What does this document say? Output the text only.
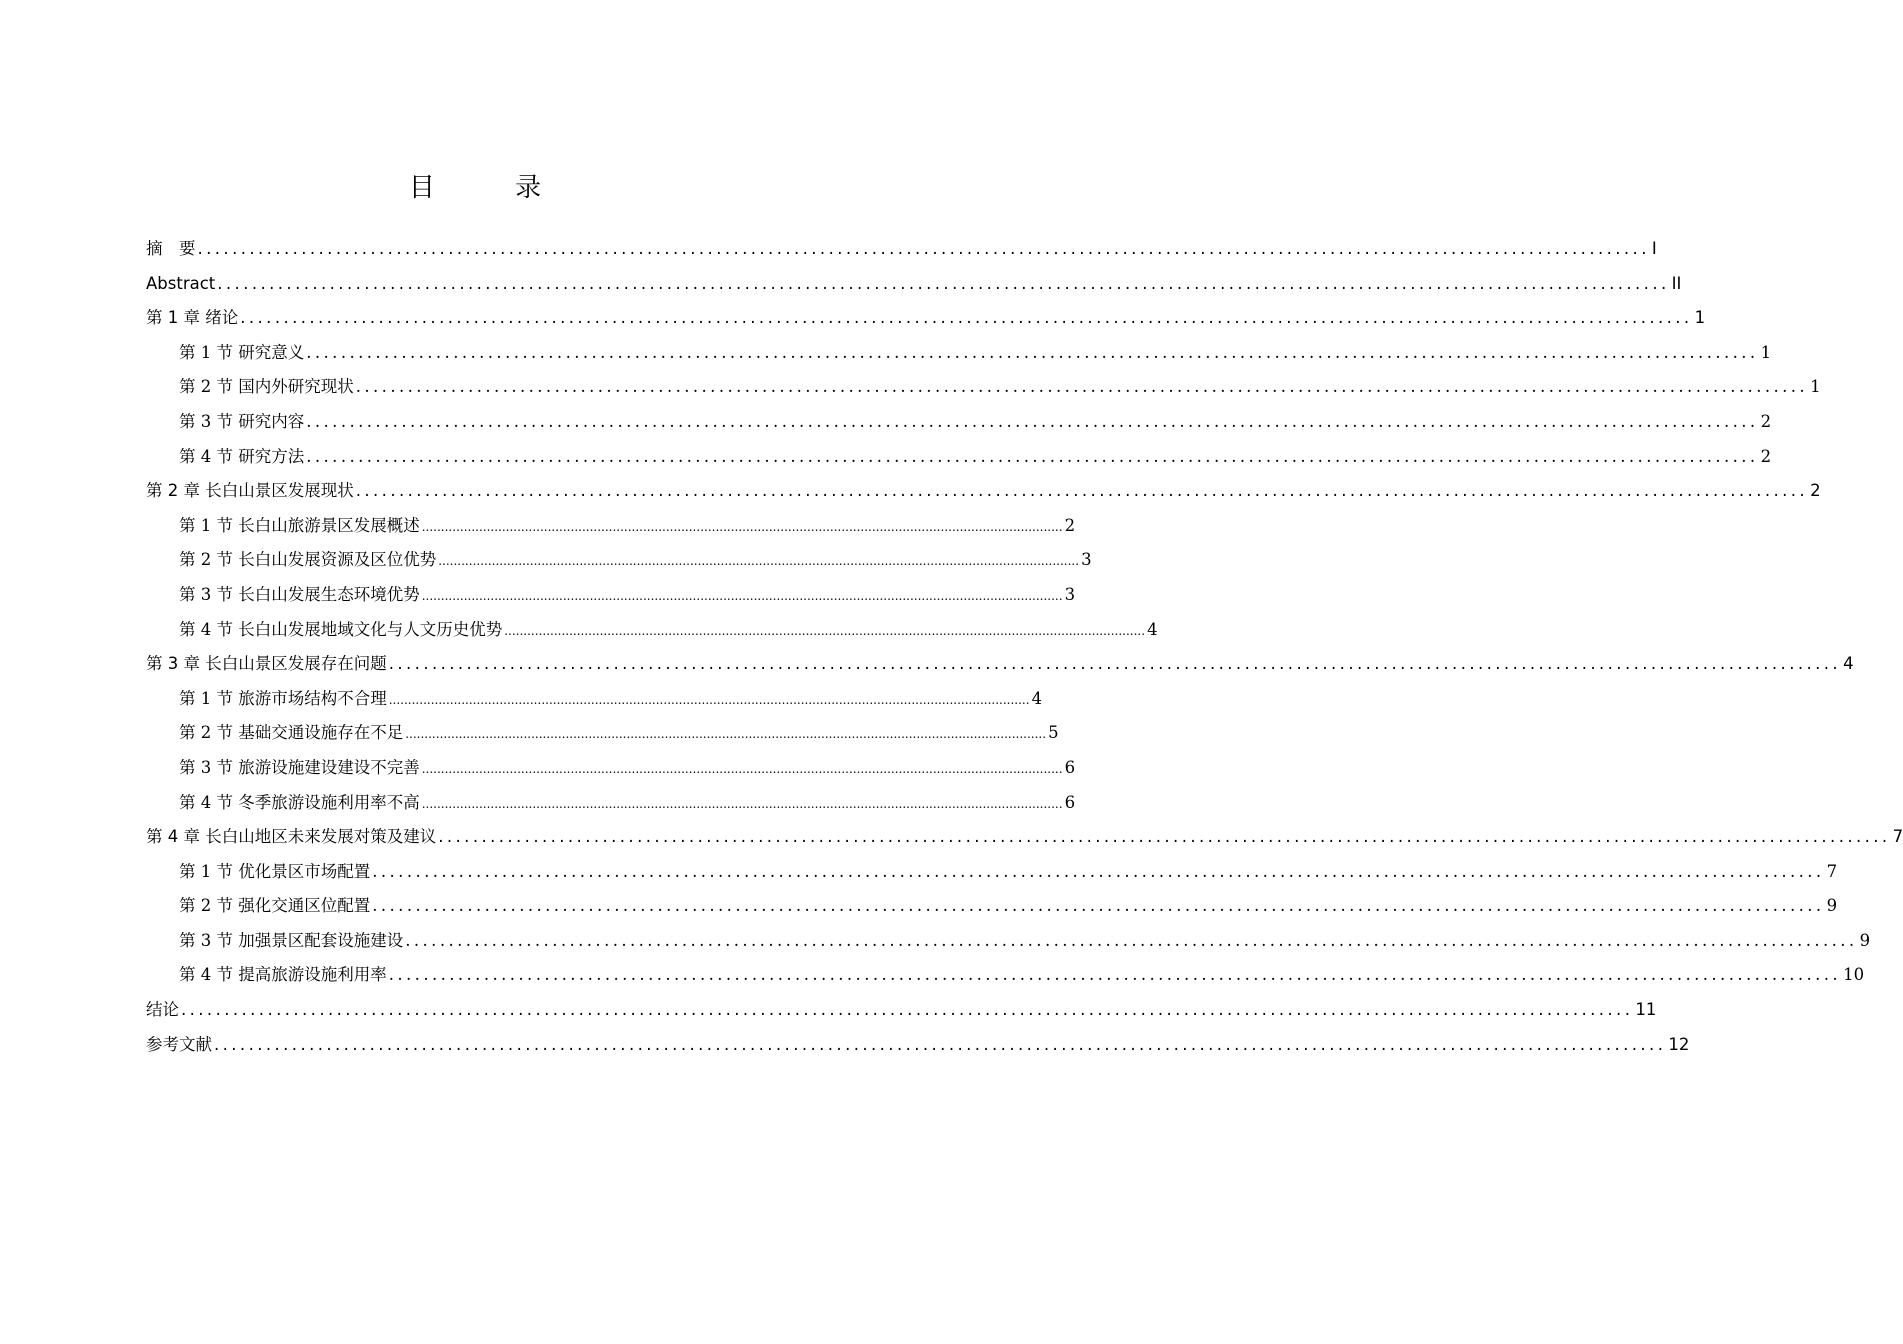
目 录
摘　要 ........................................................................................................................................................................ I
Abstract ........................................................................................................................................................................ II
第 1 章 绪论 ........................................................................................................................................................................ 1
第 1 节 研究意义 ........................................................................................................................................................................ 1
第 2 节 国内外研究现状 ........................................................................................................................................................................ 1
第 3 节 研究内容 ........................................................................................................................................................................ 2
第 4 节 研究方法 ........................................................................................................................................................................ 2
第 2 章 长白山景区发展现状 ........................................................................................................................................................................ 2
第 1 节 长白山旅游景区发展概述 ........................................................................................................................................................................ 2
第 2 节 长白山发展资源及区位优势 ........................................................................................................................................................................ 3
第 3 节 长白山发展生态环境优势 ........................................................................................................................................................................ 3
第 4 节 长白山发展地域文化与人文历史优势 ........................................................................................................................................................................ 4
第 3 章 长白山景区发展存在问题 ........................................................................................................................................................................ 4
第 1 节 旅游市场结构不合理 ........................................................................................................................................................................ 4
第 2 节 基础交通设施存在不足 ........................................................................................................................................................................ 5
第 3 节 旅游设施建设建设不完善 ........................................................................................................................................................................ 6
第 4 节 冬季旅游设施利用率不高 ........................................................................................................................................................................ 6
第 4 章 长白山地区未来发展对策及建议 ........................................................................................................................................................................ 7
第 1 节 优化景区市场配置 ........................................................................................................................................................................ 7
第 2 节 强化交通区位配置 ........................................................................................................................................................................ 9
第 3 节 加强景区配套设施建设 ........................................................................................................................................................................ 9
第 4 节 提高旅游设施利用率 ........................................................................................................................................................................ 10
结论 ........................................................................................................................................................................ 11
参考文献 ........................................................................................................................................................................ 12
